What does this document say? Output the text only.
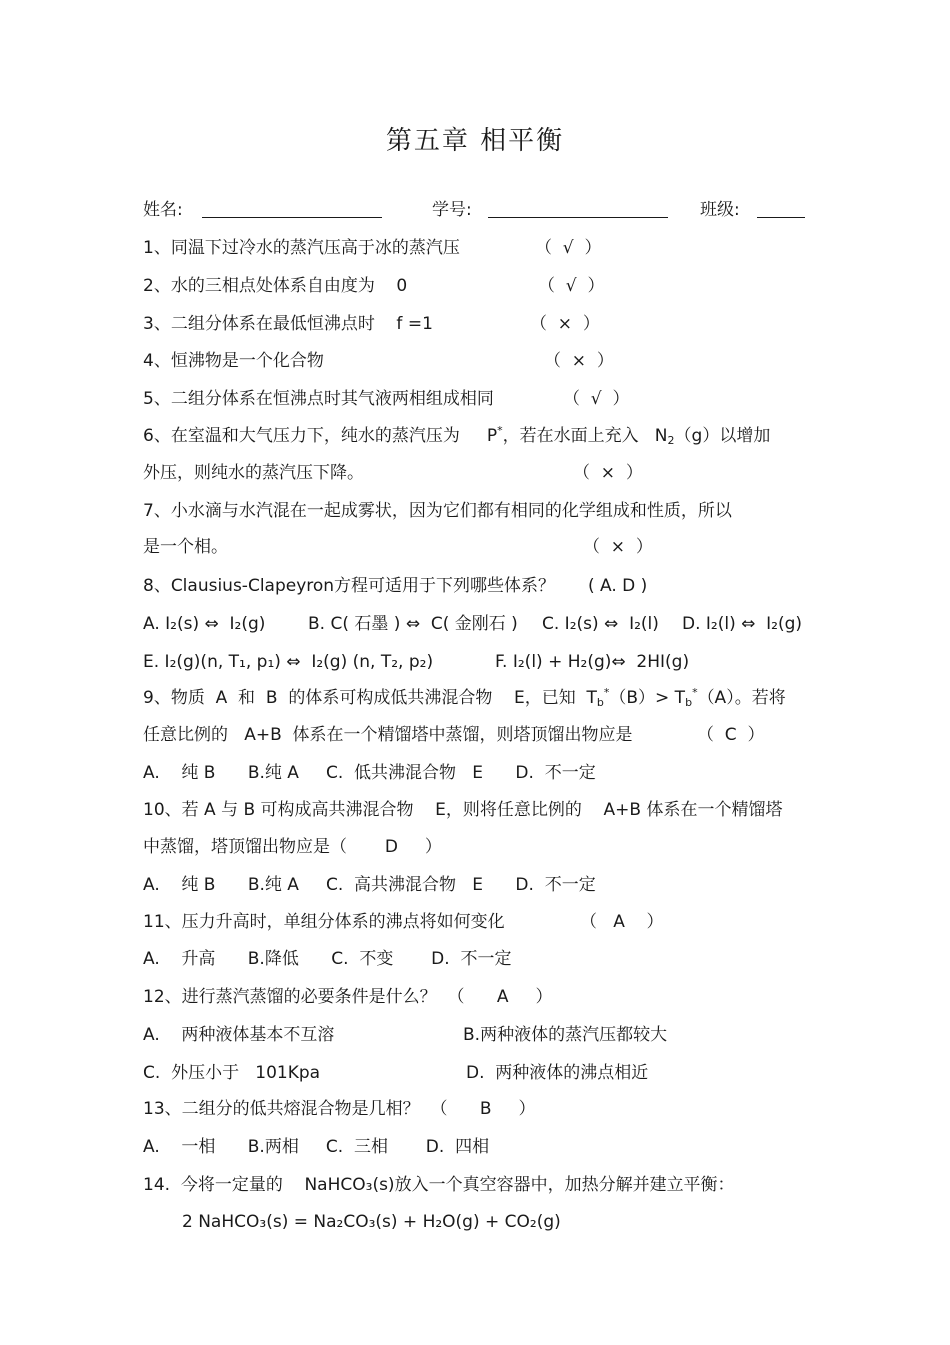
第五章 相平衡
姓名:	学号:	班级:
1、同温下过冷水的蒸汽压高于冰的蒸汽压	（  √  ）
2、水的三相点处体系自由度为    0	（  √  ）
3、二组分体系在最低恒沸点时    f =1	（  ×  ）
4、恒沸物是一个化合物	（  ×  ）
5、二组分体系在恒沸点时其气液两相组成相同	（  √  ）
6、在室温和大气压力下，纯水的蒸汽压为     P*，若在水面上充入   $N_2(g)$以增加
外压，则纯水的蒸汽压下降。	（  ×  ）
7、小水滴与水汽混在一起成雾状，因为它们都有相同的化学组成和性质，所以
是一个相。	（  ×  ）
8、Clausius-Clapeyron方程可适用于下列哪些体系？ ( A. D )
A. I₂(s) ⇔  I₂(g)	B. C( 石墨 ) ⇔  C( 金刚石 ) C. I₂(s) ⇔  I₂(l) D. I₂(l) ⇔  I₂(g)
E. I₂(g)(n, T₁, p₁) ⇔  I₂(g) (n, T₂, p₂)	F. I₂(l) + H₂(g)⇔  2HI(g)
9、物质  A  和  B  的体系可构成低共沸混合物    E，已知  $T_b^*(B)> T_b^*(A)$。若将
任意比例的   A+B  体系在一个精馏塔中蒸馏，则塔顶馏出物应是	（  C  ）
A.    纯 B      B.纯 A     C.  低共沸混合物   E      D.  不一定
10、若 A 与 B 可构成高共沸混合物    E，则将任意比例的    A+B 体系在一个精馏塔
中蒸馏，塔顶馏出物应是（       D     ）
A.    纯 B      B.纯 A     C.  高共沸混合物   E      D.  不一定
11、压力升高时，单组分体系的沸点将如何变化	（   A    ）
A.    升高      B.降低      C.  不变       D.  不一定
12、进行蒸汽蒸馏的必要条件是什么？  （      A     ）
A.    两种液体基本不互溶	B.两种液体的蒸汽压都较大
C.  外压小于   101Kpa	D.  两种液体的沸点相近
13、二组分的低共熔混合物是几相？  （      B     ）
A.    一相      B.两相     C.  三相       D.  四相
14.  今将一定量的    NaHCO₃(s)放入一个真空容器中，加热分解并建立平衡：
2 NaHCO₃(s) = Na₂CO₃(s) + H₂O(g) + CO₂(g)
